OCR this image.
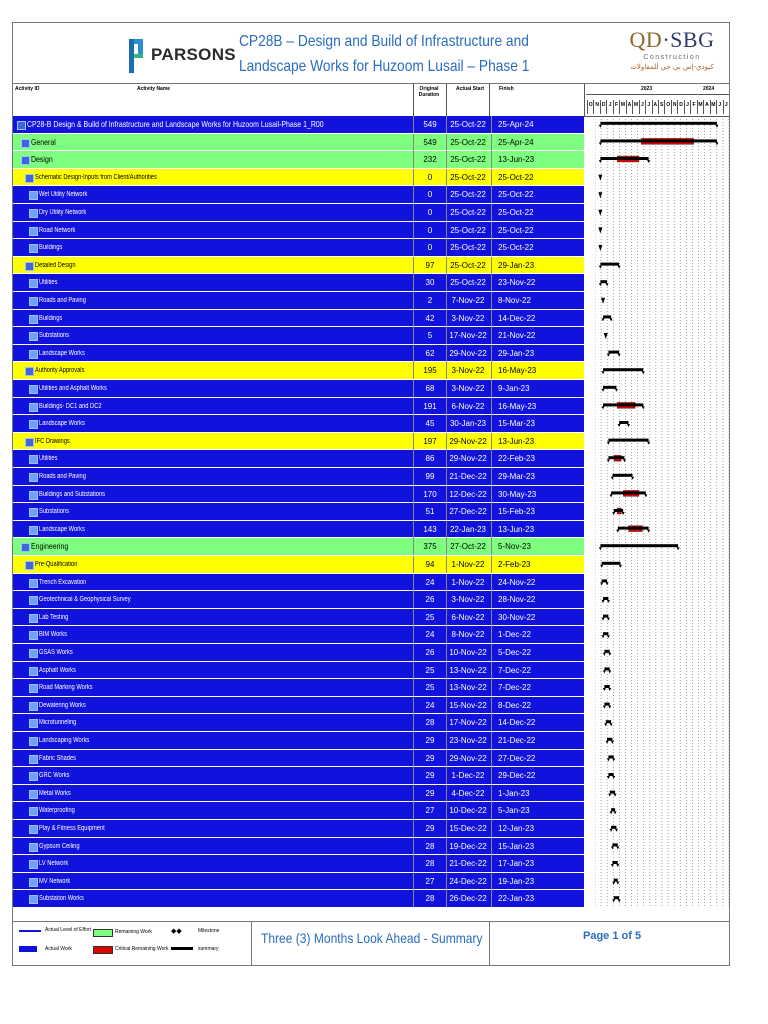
PARSONS
CP28B – Design and Build of Infrastructure and
Landscape Works for Huzoom Lusail – Phase 1
QD·SBG
Construction
كيودي-إس بي جي للمقاولات
Activity ID	Activity Name	Original Duration
Actual Start	Finish	2023	2024
O N D J F M A M J J A S O N D J F M A M J J
CP28-B Design & Build of Infrastructure and Landscape Works for Huzoom Lusail-Phase 1_R00	549	25-Oct-22	25-Apr-24
General	549	25-Oct-22	25-Apr-24
Design	232	25-Oct-22	13-Jun-23
Schematic Design-Inputs from Client/Authorities	0	25-Oct-22	25-Oct-22
Wet Utility Network	0	25-Oct-22	25-Oct-22
Dry Utility Network	0	25-Oct-22	25-Oct-22
Road Network	0	25-Oct-22	25-Oct-22
Buildings	0	25-Oct-22	25-Oct-22
Detailed Design	97	25-Oct-22	29-Jan-23
Utilities	30	25-Oct-22	23-Nov-22
Roads and Paving	2	7-Nov-22	8-Nov-22
Buildings	42	3-Nov-22	14-Dec-22
Substations	5	17-Nov-22	21-Nov-22
Landscape Works	62	29-Nov-22	29-Jan-23
Authority Approvals	195	3-Nov-22	16-May-23
Utilities and Asphalt Works	68	3-Nov-22	9-Jan-23
Buildings- DC1 and DC2	191	6-Nov-22	16-May-23
Landscape Works	45	30-Jan-23	15-Mar-23
IFC Drawings	197	29-Nov-22	13-Jun-23
Utilities	86	29-Nov-22	22-Feb-23
Roads and Paving	99	21-Dec-22	29-Mar-23
Buildings and Substations	170	12-Dec-22	30-May-23
Substations	51	27-Dec-22	15-Feb-23
Landscape Works	143	22-Jan-23	13-Jun-23
Engineering	375	27-Oct-22	5-Nov-23
Pre-Qualification	94	1-Nov-22	2-Feb-23
Trench Excavation	24	1-Nov-22	24-Nov-22
Geotechnical & Geophysical Survey	26	3-Nov-22	28-Nov-22
Lab Testing	25	6-Nov-22	30-Nov-22
BIM Works	24	8-Nov-22	1-Dec-22
GSAS Works	26	10-Nov-22	5-Dec-22
Asphalt Works	25	13-Nov-22	7-Dec-22
Road Marking Works	25	13-Nov-22	7-Dec-22
Dewatering Works	24	15-Nov-22	8-Dec-22
Microtunneling	28	17-Nov-22	14-Dec-22
Landscaping Works	29	23-Nov-22	21-Dec-22
Fabric Shades	29	29-Nov-22	27-Dec-22
GRC Works	29	1-Dec-22	29-Dec-22
Metal Works	29	4-Dec-22	1-Jan-23
Waterproofing	27	10-Dec-22	5-Jan-23
Play & Fitness Equipment	29	15-Dec-22	12-Jan-23
Gypsum Ceiling	28	19-Dec-22	15-Jan-23
LV Network	28	21-Dec-22	17-Jan-23
MV Network	27	24-Dec-22	19-Jan-23
Substation Works	28	26-Dec-22	22-Jan-23
Actual Level of Effort
Actual Work
Remaining Work
Critical Remaining Work
◆◆	Milestone
summary
Three (3) Months Look Ahead - Summary	Page 1 of 5
